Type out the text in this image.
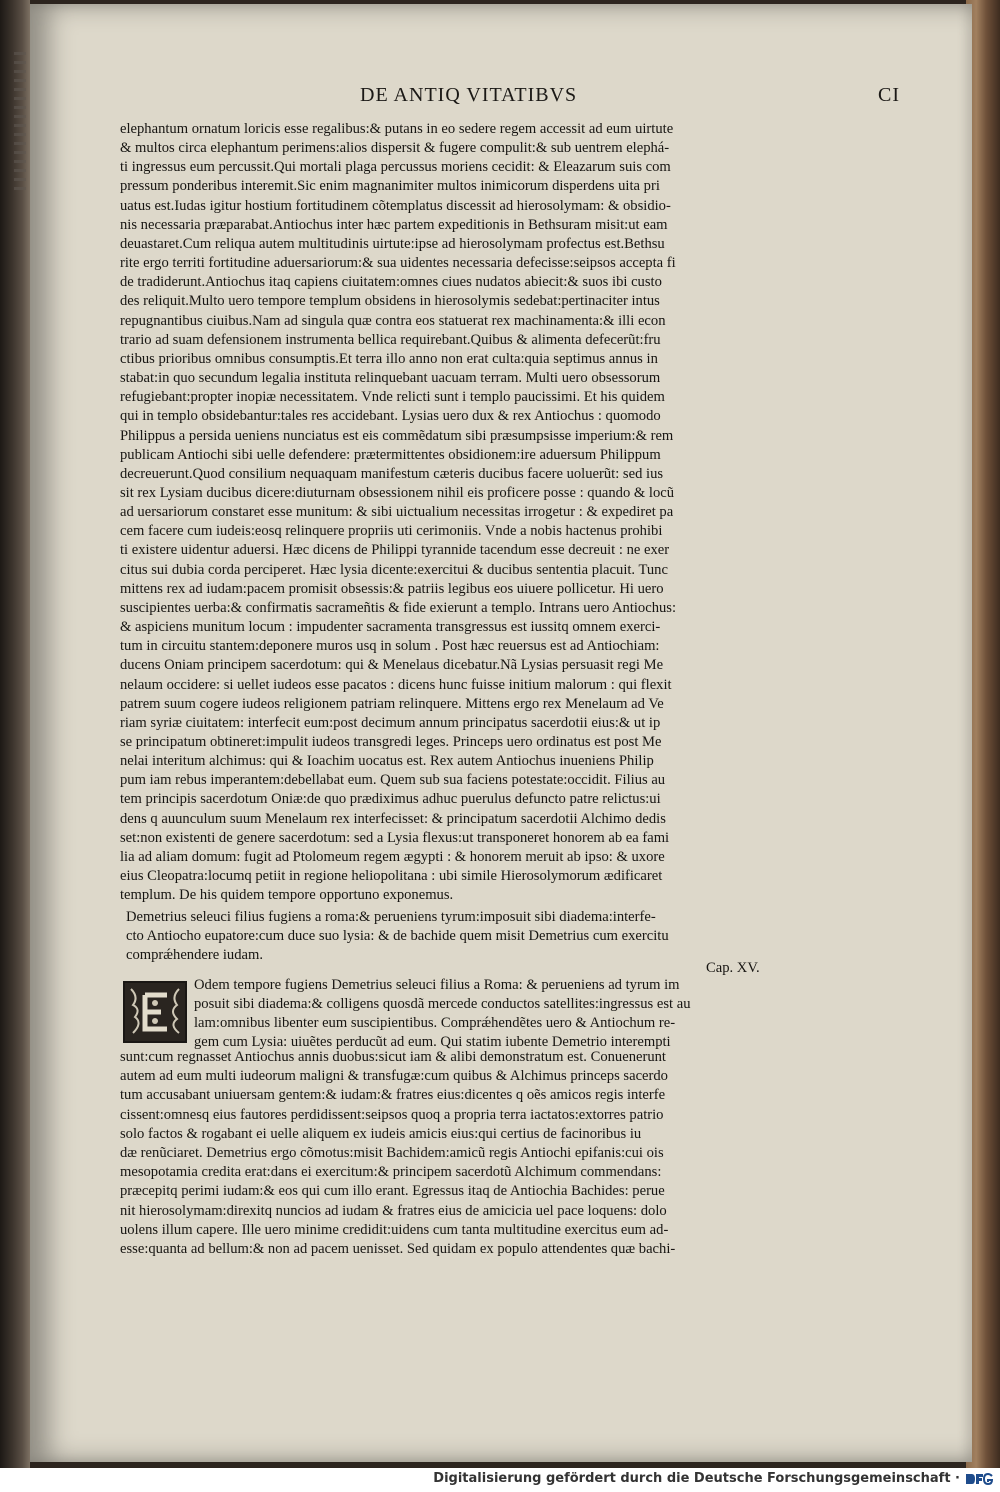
DE ANTIQ VITATIBVS	CI
elephantum ornatum loricis esse regalibus:& putans in eo sedere regem accessit ad eum uirtute
& multos circa elephantum perimens:alios dispersit & fugere compulit:& sub uentrem elephá-
ti ingressus eum percussit.Qui mortali plaga percussus moriens cecidit: & Eleazarum suis com
pressum ponderibus interemit.Sic enim magnanimiter multos inimicorum disperdens uita pri
uatus est.Iudas igitur hostium fortitudinem cõtemplatus discessit ad hierosolymam: & obsidio-
nis necessaria præparabat.Antiochus inter hæc partem expeditionis in Bethsuram misit:ut eam
deuastaret.Cum reliqua autem multitudinis uirtute:ipse ad hierosolymam profectus est.Bethsu
rite ergo territi fortitudine aduersariorum:& sua uidentes necessaria defecisse:seipsos accepta fi
de tradiderunt.Antiochus itaq capiens ciuitatem:omnes ciues nudatos abiecit:& suos ibi custo
des reliquit.Multo uero tempore templum obsidens in hierosolymis sedebat:pertinaciter intus
repugnantibus ciuibus.Nam ad singula quæ contra eos statuerat rex machinamenta:& illi econ
trario ad suam defensionem instrumenta bellica requirebant.Quibus & alimenta defecerũt:fru
ctibus prioribus omnibus consumptis.Et terra illo anno non erat culta:quia septimus annus in
stabat:in quo secundum legalia instituta relinquebant uacuam terram. Multi uero obsessorum
refugiebant:propter inopiæ necessitatem. Vnde relicti sunt i templo paucissimi. Et his quidem
qui in templo obsidebantur:tales res accidebant. Lysias uero dux & rex Antiochus : quomodo
Philippus a persida ueniens nunciatus est eis commẽdatum sibi præsumpsisse imperium:& rem
publicam Antiochi sibi uelle defendere: prætermittentes obsidionem:ire aduersum Philippum
decreuerunt.Quod consilium nequaquam manifestum cæteris ducibus facere uoluerũt: sed ius
sit rex Lysiam ducibus dicere:diuturnam obsessionem nihil eis proficere posse : quando & locũ
ad uersariorum constaret esse munitum: & sibi uictualium necessitas irrogetur : & expediret pa
cem facere cum iudeis:eosq relinquere propriis uti cerimoniis. Vnde a nobis hactenus prohibi
ti existere uidentur aduersi. Hæc dicens de Philippi tyrannide tacendum esse decreuit : ne exer
citus sui dubia corda perciperet. Hæc lysia dicente:exercitui & ducibus sententia placuit. Tunc
mittens rex ad iudam:pacem promisit obsessis:& patriis legibus eos uiuere pollicetur. Hi uero
suscipientes uerba:& confirmatis sacrameñtis & fide exierunt a templo. Intrans uero Antiochus:
& aspiciens munitum locum : impudenter sacramenta transgressus est iussitq omnem exerci-
tum in circuitu stantem:deponere muros usq in solum . Post hæc reuersus est ad Antiochiam:
ducens Oniam principem sacerdotum: qui & Menelaus dicebatur.Nã Lysias persuasit regi Me
nelaum occidere: si uellet iudeos esse pacatos : dicens hunc fuisse initium malorum : qui flexit
patrem suum cogere iudeos religionem patriam relinquere. Mittens ergo rex Menelaum ad Ve
riam syriæ ciuitatem: interfecit eum:post decimum annum principatus sacerdotii eius:& ut ip
se principatum obtineret:impulit iudeos transgredi leges. Princeps uero ordinatus est post Me
nelai interitum alchimus: qui & Ioachim uocatus est. Rex autem Antiochus inueniens Philip
pum iam rebus imperantem:debellabat eum. Quem sub sua faciens potestate:occidit. Filius au
tem principis sacerdotum Oniæ:de quo prædiximus adhuc puerulus defuncto patre relictus:ui
dens q auunculum suum Menelaum rex interfecisset: & principatum sacerdotii Alchimo dedis
set:non existenti de genere sacerdotum: sed a Lysia flexus:ut transponeret honorem ab ea fami
lia ad aliam domum: fugit ad Ptolomeum regem ægypti : & honorem meruit ab ipso: & uxore
eius Cleopatra:locumq petiit in regione heliopolitana : ubi simile Hierosolymorum ædificaret
templum. De his quidem tempore opportuno exponemus.
Demetrius seleuci filius fugiens a roma:& perueniens tyrum:imposuit sibi diadema:interfe-
cto Antiocho eupatore:cum duce suo lysia: & de bachide quem misit Demetrius cum exercitu
comprǽhendere iudam.
Cap. XV.
Odem tempore fugiens Demetrius seleuci filius a Roma: & perueniens ad tyrum im
posuit sibi diadema:& colligens quosdã mercede conductos satellites:ingressus est au
lam:omnibus libenter eum suscipientibus. Comprǽhendẽtes uero & Antiochum re-
gem cum Lysia: uiuẽtes perducũt ad eum. Qui statim iubente Demetrio interempti
sunt:cum regnasset Antiochus annis duobus:sicut iam & alibi demonstratum est. Conuenerunt
autem ad eum multi iudeorum maligni & transfugæ:cum quibus & Alchimus princeps sacerdo
tum accusabant uniuersam gentem:& iudam:& fratres eius:dicentes q oẽs amicos regis interfe
cissent:omnesq eius fautores perdidissent:seipsos quoq a propria terra iactatos:extorres patrio
solo factos & rogabant ei uelle aliquem ex iudeis amicis eius:qui certius de facinoribus iu
dæ renũciaret. Demetrius ergo cõmotus:misit Bachidem:amicũ regis Antiochi epifanis:cui ois
mesopotamia credita erat:dans ei exercitum:& principem sacerdotũ Alchimum commendans:
præcepitq perimi iudam:& eos qui cum illo erant. Egressus itaq de Antiochia Bachides: perue
nit hierosolymam:direxitq nuncios ad iudam & fratres eius de amicicia uel pace loquens: dolo
uolens illum capere. Ille uero minime credidit:uidens cum tanta multitudine exercitus eum ad-
esse:quanta ad bellum:& non ad pacem uenisset. Sed quidam ex populo attendentes quæ bachi-
Digitalisierung gefördert durch die Deutsche Forschungsgemeinschaft ·
